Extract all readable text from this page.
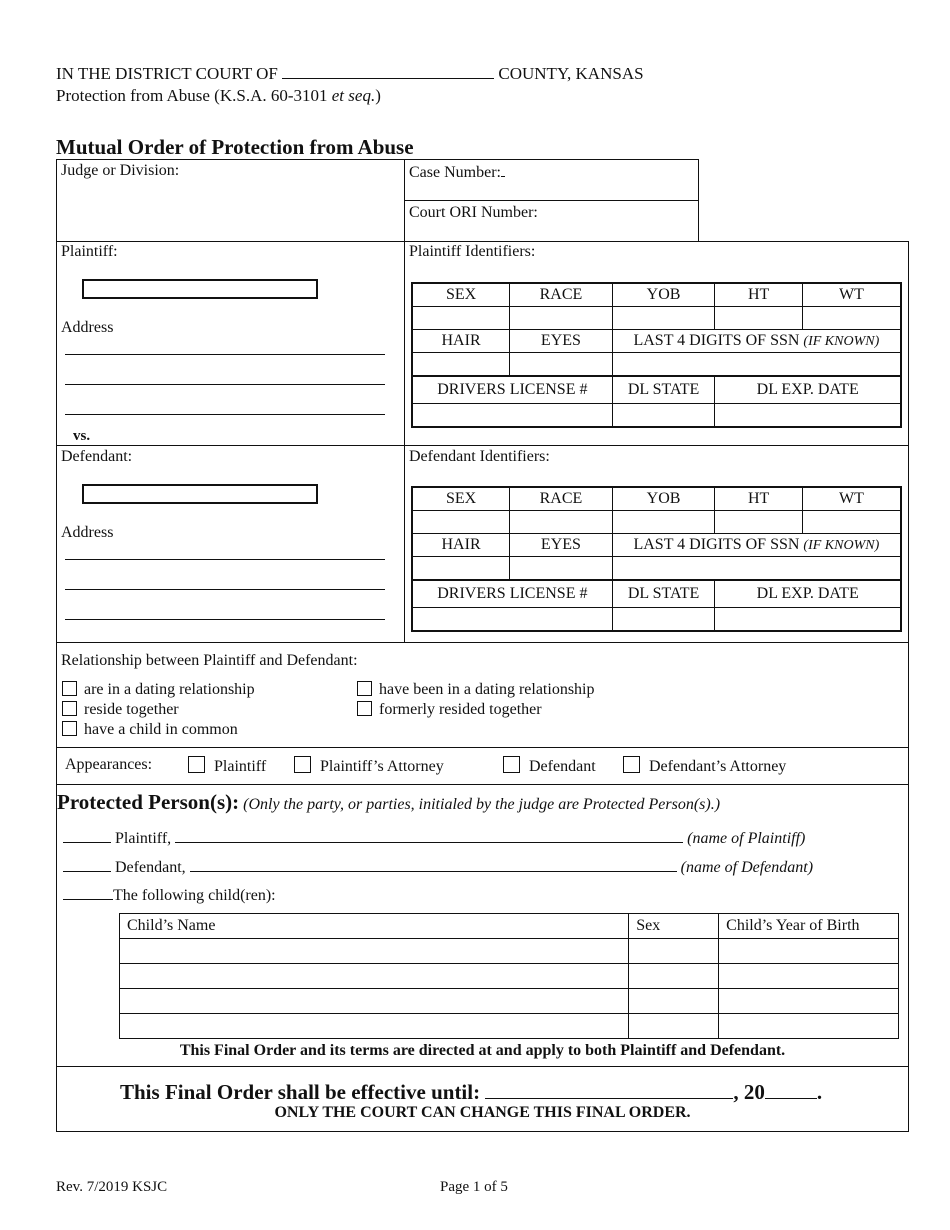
IN THE DISTRICT COURT OF	COUNTY, KANSAS
Protection from Abuse (K.S.A. 60-3101 et seq.)
Mutual Order of Protection from Abuse
Judge or Division:	Case Number:
Court ORI Number:
Plaintiff:
Address
vs.
Plaintiff Identifiers:
SEX	RACE	YOB	HT	WT

HAIR	EYES	LAST 4 DIGITS OF SSN (IF KNOWN)		

DRIVERS LICENSE #		DL STATE	DL EXP. DATE	

Defendant:
Address
Defendant Identifiers:
SEX	RACE	YOB	HT	WT

HAIR	EYES	LAST 4 DIGITS OF SSN (IF KNOWN)		

DRIVERS LICENSE #		DL STATE	DL EXP. DATE	

Relationship between Plaintiff and Defendant:
are in a dating relationship
reside together
have a child in common
have been in a dating relationship
formerly resided together
Appearances:	Plaintiff	Plaintiff’s Attorney	Defendant	Defendant’s Attorney
Protected Person(s): (Only the party, or parties, initialed by the judge are Protected Person(s).)
Plaintiff,	(name of Plaintiff)
Defendant,	(name of Defendant)
The following child(ren):
Child’s Name	Sex	Child’s Year of Birth

This Final Order and its terms are directed at and apply to both Plaintiff and Defendant.
This Final Order shall be effective until:	, 20 .
ONLY THE COURT CAN CHANGE THIS FINAL ORDER.
Rev. 7/2019 KSJC	Page 1 of 5
